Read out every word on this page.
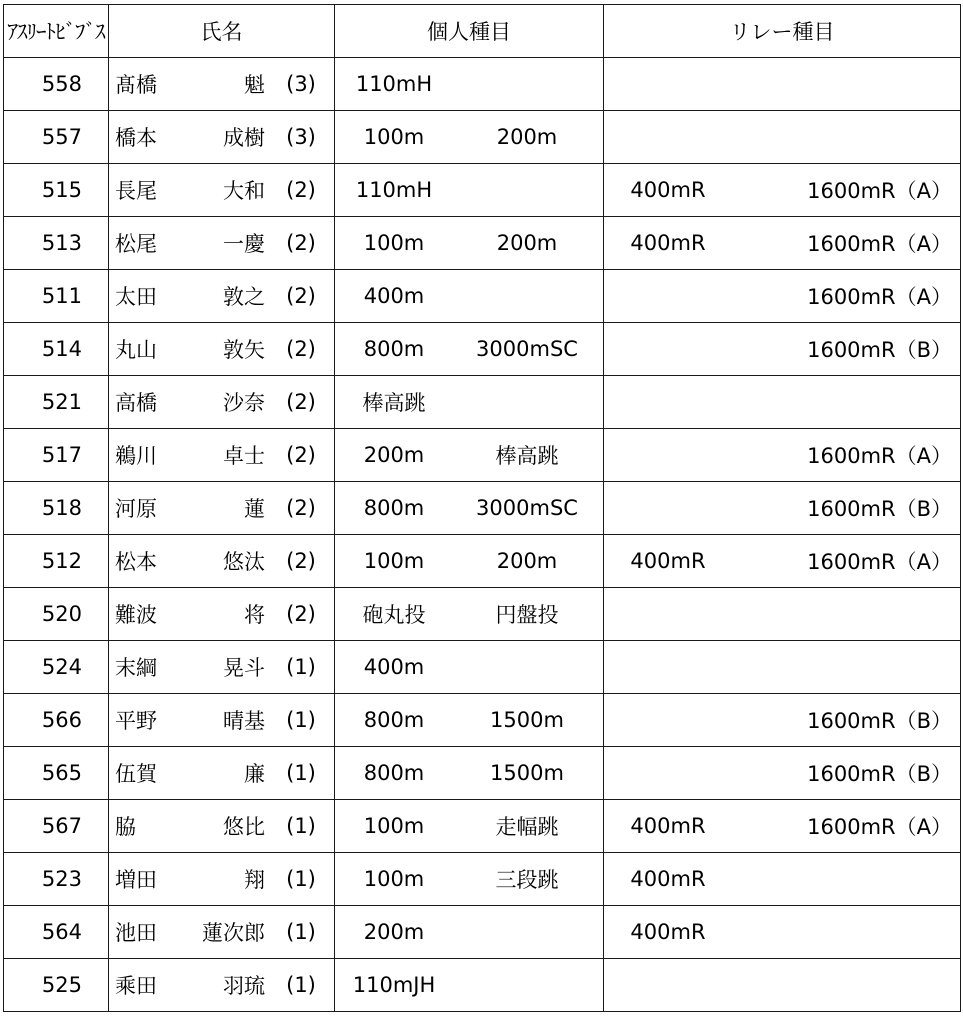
ｱｽﾘｰﾄﾋﾞﾌﾞｽ	氏名	個人種目	リレー種目
558	髙橋 魁 (3)	110mH	

557	橋本 成樹 (3)	100m 200m	

515	長尾 大和 (2)	110mH	400mR 1600mR（A）

513	松尾 一慶 (2)	100m 200m	400mR 1600mR（A）

511	太田 敦之 (2)	400m	1600mR（A）

514	丸山 敦矢 (2)	800m 3000mSC	1600mR（B）

521	高橋 沙奈 (2)	棒高跳	

517	鵜川 卓士 (2)	200m 棒高跳	1600mR（A）

518	河原 蓮 (2)	800m 3000mSC	1600mR（B）

512	松本 悠汰 (2)	100m 200m	400mR 1600mR（A）

520	難波 将 (2)	砲丸投 円盤投	

524	末綱 晃斗 (1)	400m	

566	平野 晴基 (1)	800m 1500m	1600mR（B）

565	伍賀 廉 (1)	800m 1500m	1600mR（B）

567	脇 悠比 (1)	100m 走幅跳	400mR 1600mR（A）

523	増田 翔 (1)	100m 三段跳	400mR

564	池田 蓮次郎 (1)	200m	400mR

525	乘田 羽琉 (1)	110mJH	
